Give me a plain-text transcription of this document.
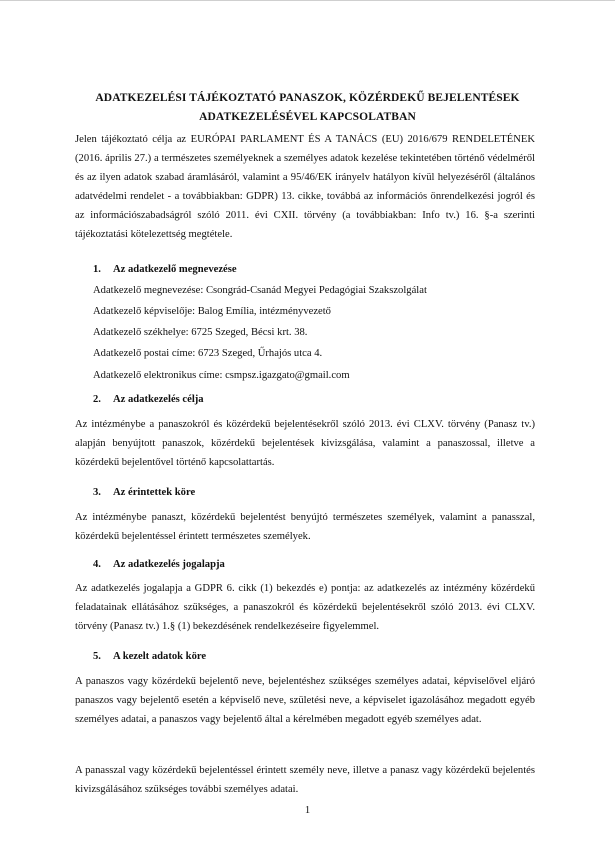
ADATKEZELÉSI TÁJÉKOZTATÓ PANASZOK, KÖZÉRDEKŰ BEJELENTÉSEK
ADATKEZELÉSÉVEL KAPCSOLATBAN
Jelen tájékoztató célja az EURÓPAI PARLAMENT ÉS A TANÁCS (EU) 2016/679 RENDELETÉNEK (2016. április 27.) a természetes személyeknek a személyes adatok kezelése tekintetében történő védelméről és az ilyen adatok szabad áramlásáról, valamint a 95/46/EK irányelv hatályon kívül helyezéséről (általános adatvédelmi rendelet - a továbbiakban: GDPR) 13. cikke, továbbá az információs önrendelkezési jogról és az információszabadságról szóló 2011. évi CXII. törvény (a továbbiakban: Info tv.) 16. §-a szerinti tájékoztatási kötelezettség megtétele.
1. Az adatkezelő megnevezése
Adatkezelő megnevezése: Csongrád-Csanád Megyei Pedagógiai Szakszolgálat
Adatkezelő képviselője: Balog Emília, intézményvezető
Adatkezelő székhelye: 6725 Szeged, Bécsi krt. 38.
Adatkezelő postai címe: 6723 Szeged, Űrhajós utca 4.
Adatkezelő elektronikus címe: csmpsz.igazgato@gmail.com
2. Az adatkezelés célja
Az intézménybe a panaszokról és közérdekű bejelentésekről szóló 2013. évi CLXV. törvény (Panasz tv.) alapján benyújtott panaszok, közérdekű bejelentések kivizsgálása, valamint a panaszossal, illetve a közérdekű bejelentővel történő kapcsolattartás.
3. Az érintettek köre
Az intézménybe panaszt, közérdekű bejelentést benyújtó természetes személyek, valamint a panasszal, közérdekű bejelentéssel érintett természetes személyek.
4. Az adatkezelés jogalapja
Az adatkezelés jogalapja a GDPR 6. cikk (1) bekezdés e) pontja: az adatkezelés az intézmény közérdekű feladatainak ellátásához szükséges, a panaszokról és közérdekű bejelentésekről szóló 2013. évi CLXV. törvény (Panasz tv.) 1.§ (1) bekezdésének rendelkezéseire figyelemmel.
5. A kezelt adatok köre
A panaszos vagy közérdekű bejelentő neve, bejelentéshez szükséges személyes adatai, képviselővel eljáró panaszos vagy bejelentő esetén a képviselő neve, születési neve, a képviselet igazolásához megadott egyéb személyes adatai, a panaszos vagy bejelentő által a kérelmében megadott egyéb személyes adat.
A panasszal vagy közérdekű bejelentéssel érintett személy neve, illetve a panasz vagy közérdekű bejelentés kivizsgálásához szükséges további személyes adatai.
1
